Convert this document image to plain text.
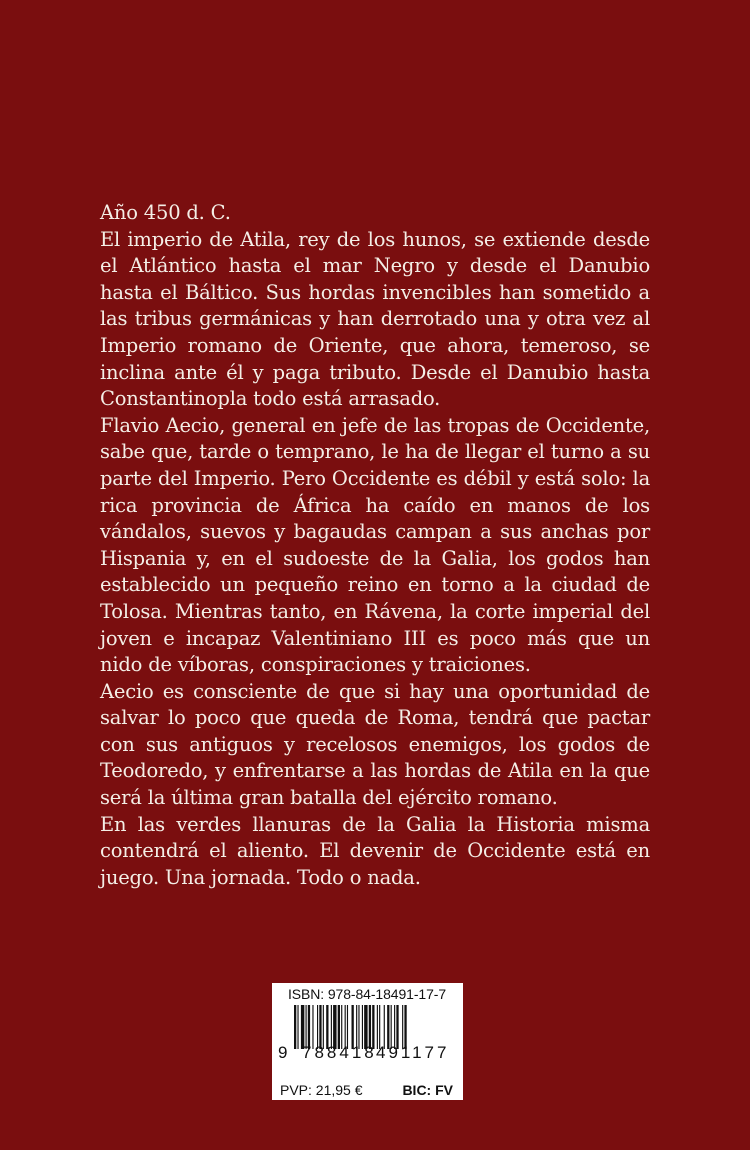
Año 450 d. C.

El imperio de Atila, rey de los hunos, se extiende desde el Atlántico hasta el mar Negro y desde el Danubio hasta el Báltico. Sus hordas invencibles han sometido a las tribus germánicas y han derrotado una y otra vez al Imperio romano de Oriente, que ahora, temeroso, se inclina ante él y paga tributo. Desde el Danubio hasta Constantinopla todo está arrasado.

Flavio Aecio, general en jefe de las tropas de Occidente, sabe que, tarde o temprano, le ha de llegar el turno a su parte del Imperio. Pero Occidente es débil y está solo: la rica provincia de África ha caído en manos de los vándalos, suevos y bagaudas campan a sus anchas por Hispania y, en el sudoeste de la Galia, los godos han establecido un pequeño reino en torno a la ciudad de Tolosa. Mientras tanto, en Rávena, la corte imperial del joven e incapaz Valentiniano III es poco más que un nido de víboras, conspiraciones y traiciones.

Aecio es consciente de que si hay una oportunidad de salvar lo poco que queda de Roma, tendrá que pactar con sus antiguos y recelosos enemigos, los godos de Teodoredo, y enfrentarse a las hordas de Atila en la que será la última gran batalla del ejército romano.

En las verdes llanuras de la Galia la Historia misma contendrá el aliento. El devenir de Occidente está en juego. Una jornada. Todo o nada.

ISBN: 978-84-18491-17-7
9 788418 491177
PVP: 21,95 €	BIC: FV
